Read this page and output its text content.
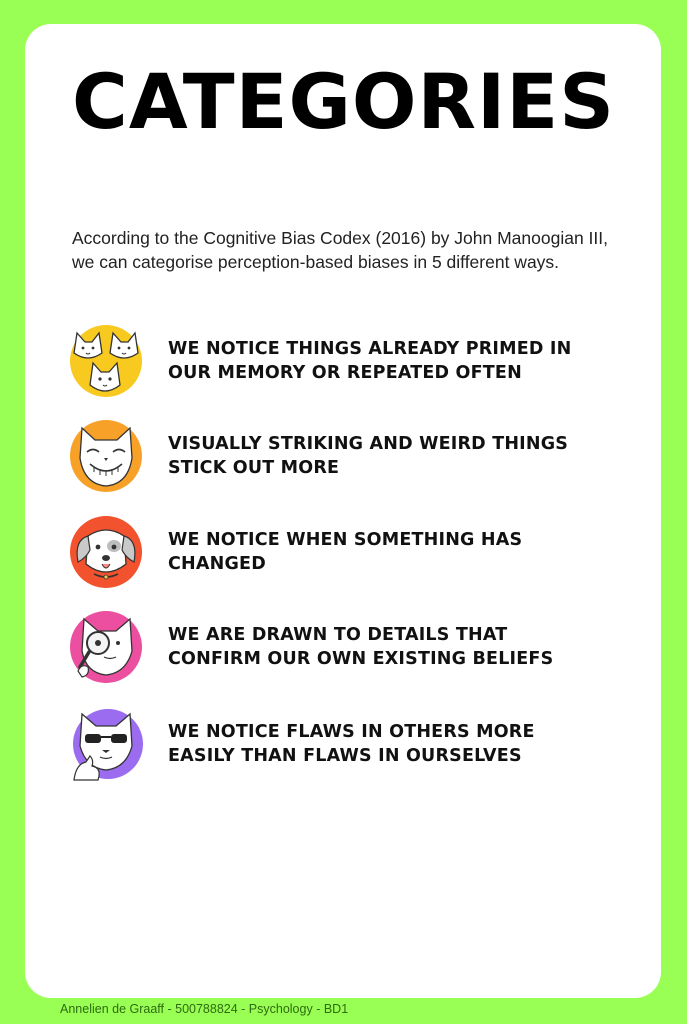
CATEGORIES

According to the Cognitive Bias Codex (2016) by John Manoogian III, we can categorise perception-based biases in 5 different ways.

WE NOTICE THINGS ALREADY PRIMED IN OUR MEMORY OR REPEATED OFTEN

VISUALLY STRIKING AND WEIRD THINGS STICK OUT MORE

WE NOTICE WHEN SOMETHING HAS CHANGED

WE ARE DRAWN TO DETAILS THAT CONFIRM OUR OWN EXISTING BELIEFS

WE NOTICE FLAWS IN OTHERS MORE EASILY THAN FLAWS IN OURSELVES

Annelien de Graaff - 500788824 - Psychology - BD1
